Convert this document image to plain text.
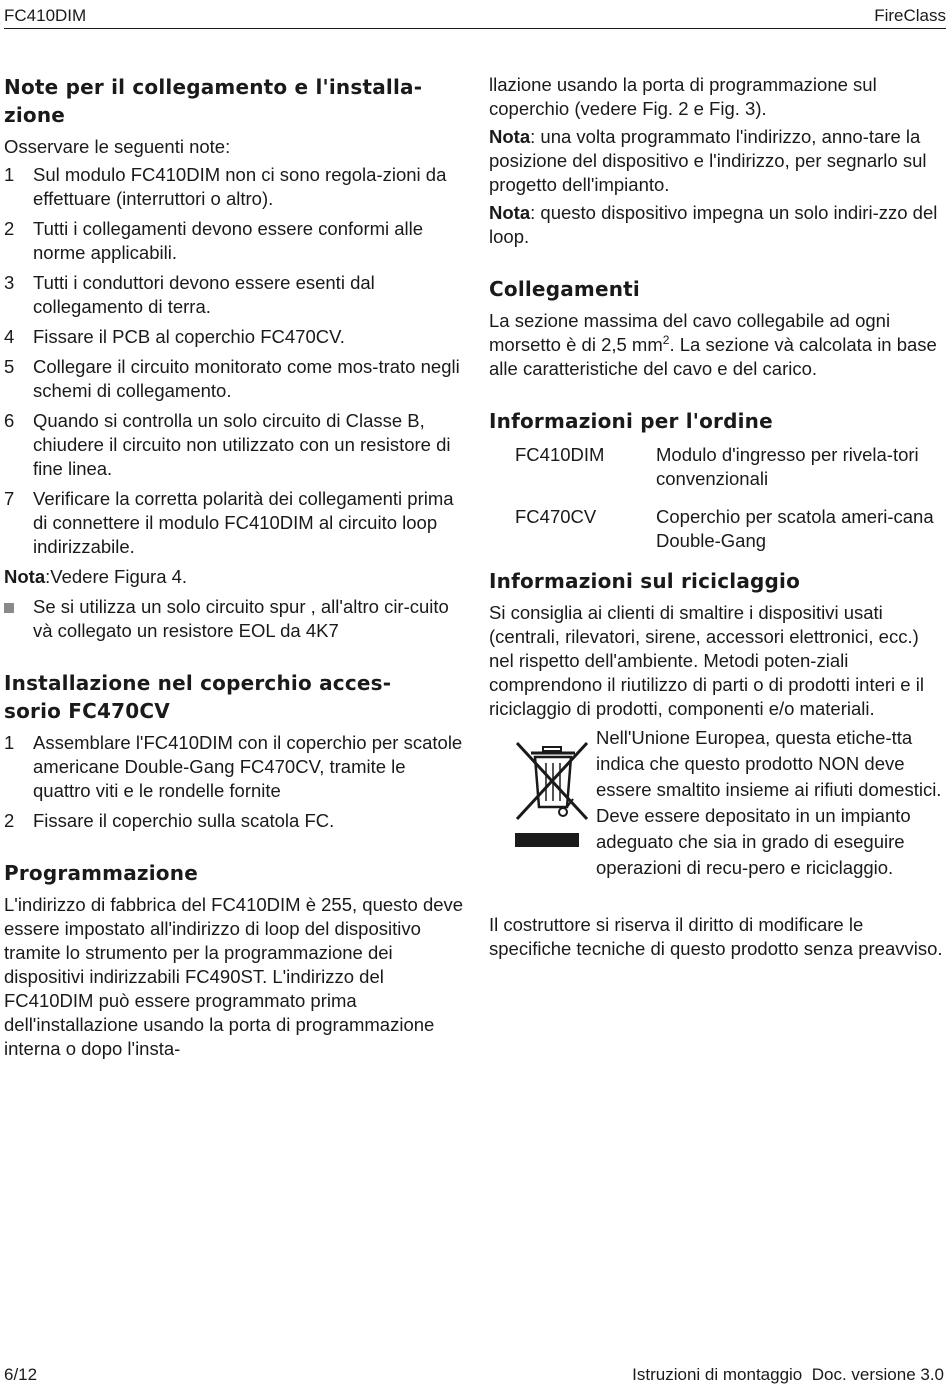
FC410DIM	FireClass
Note per il collegamento e l'installa-zione

Osservare le seguenti note:

1	Sul modulo FC410DIM non ci sono regola-zioni da effettuare (interruttori o altro).
2	Tutti i collegamenti devono essere conformi alle norme applicabili.
3	Tutti i conduttori devono essere esenti dal collegamento di terra.
4	Fissare il PCB al coperchio FC470CV.
5	Collegare il circuito monitorato come mos-trato negli schemi di collegamento.
6	Quando si controlla un solo circuito di Classe B, chiudere il circuito non utilizzato con un resistore di fine linea.
7	Verificare la corretta polarità dei collegamenti prima di connettere il modulo FC410DIM al circuito loop indirizzabile.

Nota:Vedere Figura 4.

Se si utilizza un solo circuito spur , all'altro cir-cuito và collegato un resistore EOL da 4K7
Installazione nel coperchio acces-sorio FC470CV
1	Assemblare l'FC410DIM con il coperchio per scatole americane Double-Gang FC470CV, tramite le quattro viti e le rondelle fornite
2	Fissare il coperchio sulla scatola FC.
Programmazione

L'indirizzo di fabbrica del FC410DIM è 255, questo deve essere impostato all'indirizzo di loop del dispositivo tramite lo strumento per la programmazione dei dispositivi indirizzabili FC490ST. L'indirizzo del FC410DIM può essere programmato prima dell'installazione usando la porta di programmazione interna o dopo l'insta-

llazione usando la porta di programmazione sul coperchio (vedere Fig. 2 e Fig. 3).

Nota: una volta programmato l'indirizzo, anno-tare la posizione del dispositivo e l'indirizzo, per segnarlo sul progetto dell'impianto.

Nota: questo dispositivo impegna un solo indiri-zzo del loop.

Collegamenti

La sezione massima del cavo collegabile ad ogni morsetto è di 2,5 $mm^2$. La sezione và calcolata in base alle caratteristiche del cavo e del carico.

Informazioni per l'ordine
FC410DIM	Modulo d'ingresso per rivela-tori convenzionali
FC470CV	Coperchio per scatola ameri-cana Double-Gang
Informazioni sul riciclaggio

Si consiglia ai clienti di smaltire i dispositivi usati (centrali, rilevatori, sirene, accessori elettronici, ecc.) nel rispetto dell'ambiente. Metodi poten-ziali comprendono il riutilizzo di parti o di prodotti interi e il riciclaggio di prodotti, componenti e/o materiali.

Nell'Unione Europea, questa etiche-tta indica che questo prodotto NON deve essere smaltito insieme ai rifiuti domestici. Deve essere depositato in un impianto adeguato che sia in grado di eseguire operazioni di recu-pero e riciclaggio.

Il costruttore si riserva il diritto di modificare le specifiche tecniche di questo prodotto senza preavviso.

6/12	Istruzioni di montaggio  Doc. versione 3.0
